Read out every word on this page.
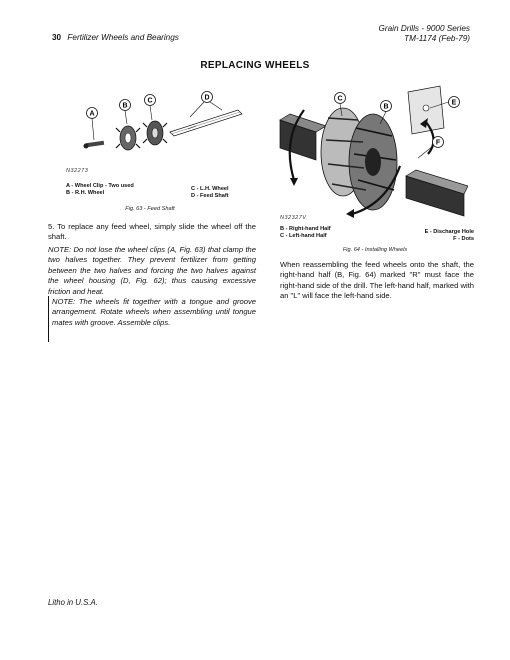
Grain Drills - 9000 Series
TM-1174 (Feb-79)
30 Fertilizer Wheels and Bearings
REPLACING WHEELS
A
B
C	D
N32273
A - Wheel Clip - Two used
B - R.H. Wheel
C - L.H. Wheel
D - Feed Shaft
Fig. 63 - Feed Shaft
5. To replace any feed wheel, simply slide the wheel off the shaft.
NOTE: Do not lose the wheel clips (A, Fig. 63) that clamp the two halves together. They prevent fertilizer from getting between the two halves and forcing the two halves against the wheel housing (D, Fig. 62); thus causing excessive friction and heat.
NOTE: The wheels fit together with a tongue and groove arrangement. Rotate wheels when assembling until tongue mates with groove. Assemble clips.
C
B
E
F
N32327V
B - Right-hand Half
C - Left-hand Half
E - Discharge Hole
F - Dots
Fig. 64 - Installing Wheels
When reassembling the feed wheels onto the shaft, the right-hand half (B, Fig. 64) marked "R" must face the right-hand side of the drill. The left-hand half, marked with an "L" will face the left-hand side.
Litho in U.S.A.
